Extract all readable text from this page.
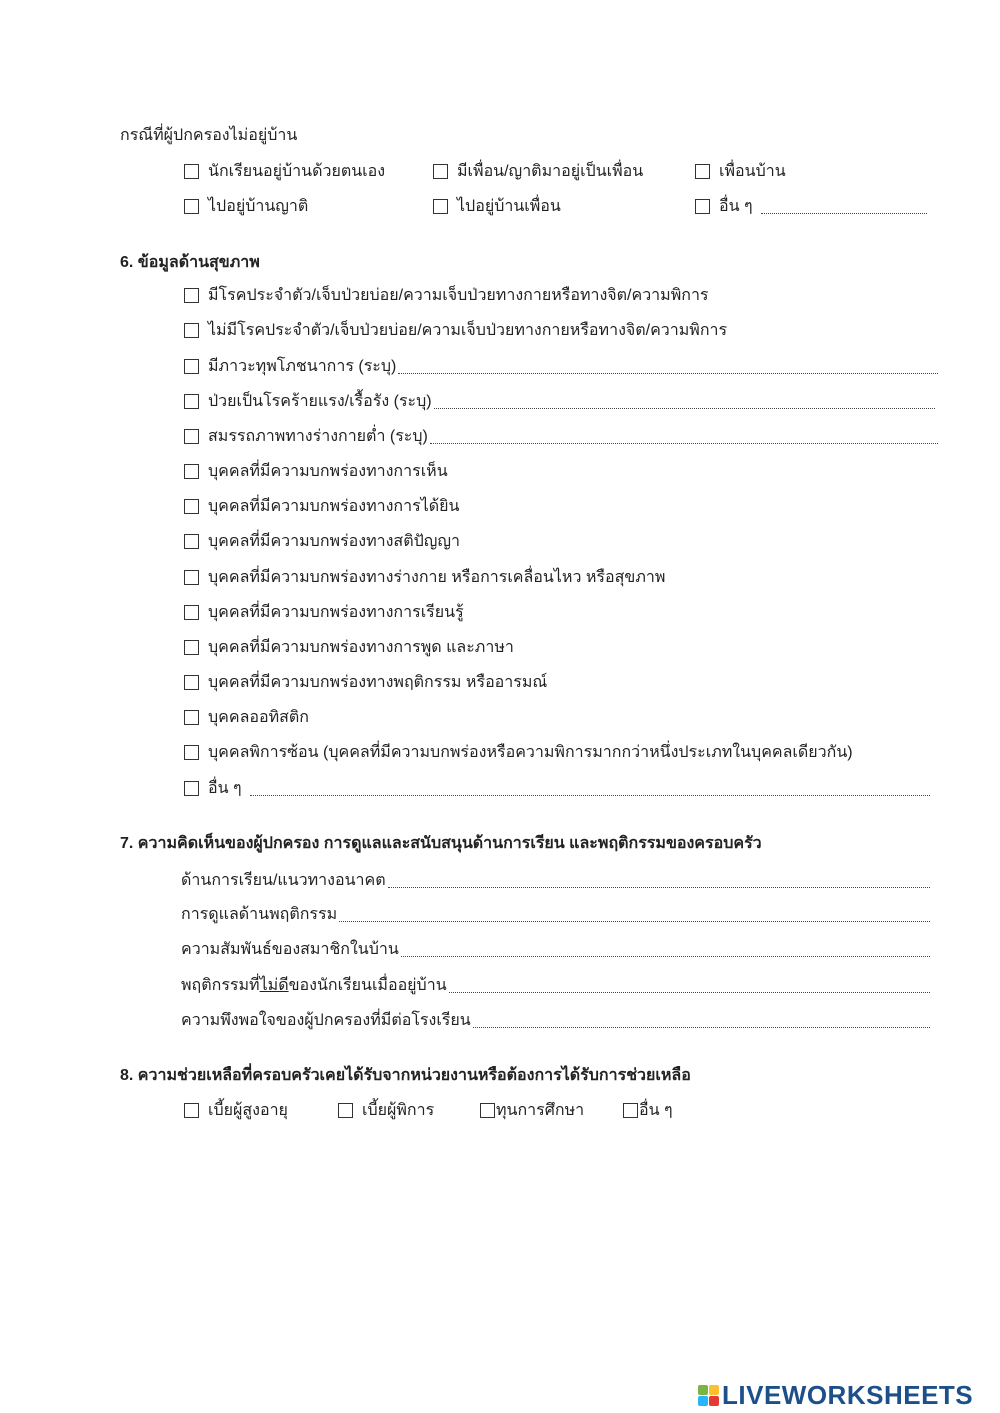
กรณีที่ผู้ปกครองไม่อยู่บ้าน
นักเรียนอยู่บ้านด้วยตนเอง	มีเพื่อน/ญาติมาอยู่เป็นเพื่อน	เพื่อนบ้าน
ไปอยู่บ้านญาติ	ไปอยู่บ้านเพื่อน	อื่น ๆ
6. ข้อมูลด้านสุขภาพ
มีโรคประจำตัว/เจ็บป่วยบ่อย/ความเจ็บป่วยทางกายหรือทางจิต/ความพิการ
ไม่มีโรคประจำตัว/เจ็บป่วยบ่อย/ความเจ็บป่วยทางกายหรือทางจิต/ความพิการ
มีภาวะทุพโภชนาการ (ระบุ)
ป่วยเป็นโรคร้ายแรง/เรื้อรัง (ระบุ)
สมรรถภาพทางร่างกายต่ำ (ระบุ)
บุคคลที่มีความบกพร่องทางการเห็น
บุคคลที่มีความบกพร่องทางการได้ยิน
บุคคลที่มีความบกพร่องทางสติปัญญา
บุคคลที่มีความบกพร่องทางร่างกาย หรือการเคลื่อนไหว หรือสุขภาพ
บุคคลที่มีความบกพร่องทางการเรียนรู้
บุคคลที่มีความบกพร่องทางการพูด และภาษา
บุคคลที่มีความบกพร่องทางพฤติกรรม หรืออารมณ์
บุคคลออทิสติก
บุคคลพิการซ้อน (บุคคลที่มีความบกพร่องหรือความพิการมากกว่าหนึ่งประเภทในบุคคลเดียวกัน)
อื่น ๆ
7. ความคิดเห็นของผู้ปกครอง การดูแลและสนับสนุนด้านการเรียน และพฤติกรรมของครอบครัว
ด้านการเรียน/แนวทางอนาคต
การดูแลด้านพฤติกรรม
ความสัมพันธ์ของสมาชิกในบ้าน
พฤติกรรมที่ ไม่ดี ของนักเรียนเมื่ออยู่บ้าน
ความพึงพอใจของผู้ปกครองที่มีต่อโรงเรียน
8. ความช่วยเหลือที่ครอบครัวเคยได้รับจากหน่วยงานหรือต้องการได้รับการช่วยเหลือ
เบี้ยผู้สูงอายุ	เบี้ยผู้พิการ	ทุนการศึกษา	อื่น ๆ
LIVEWORKSHEETS
